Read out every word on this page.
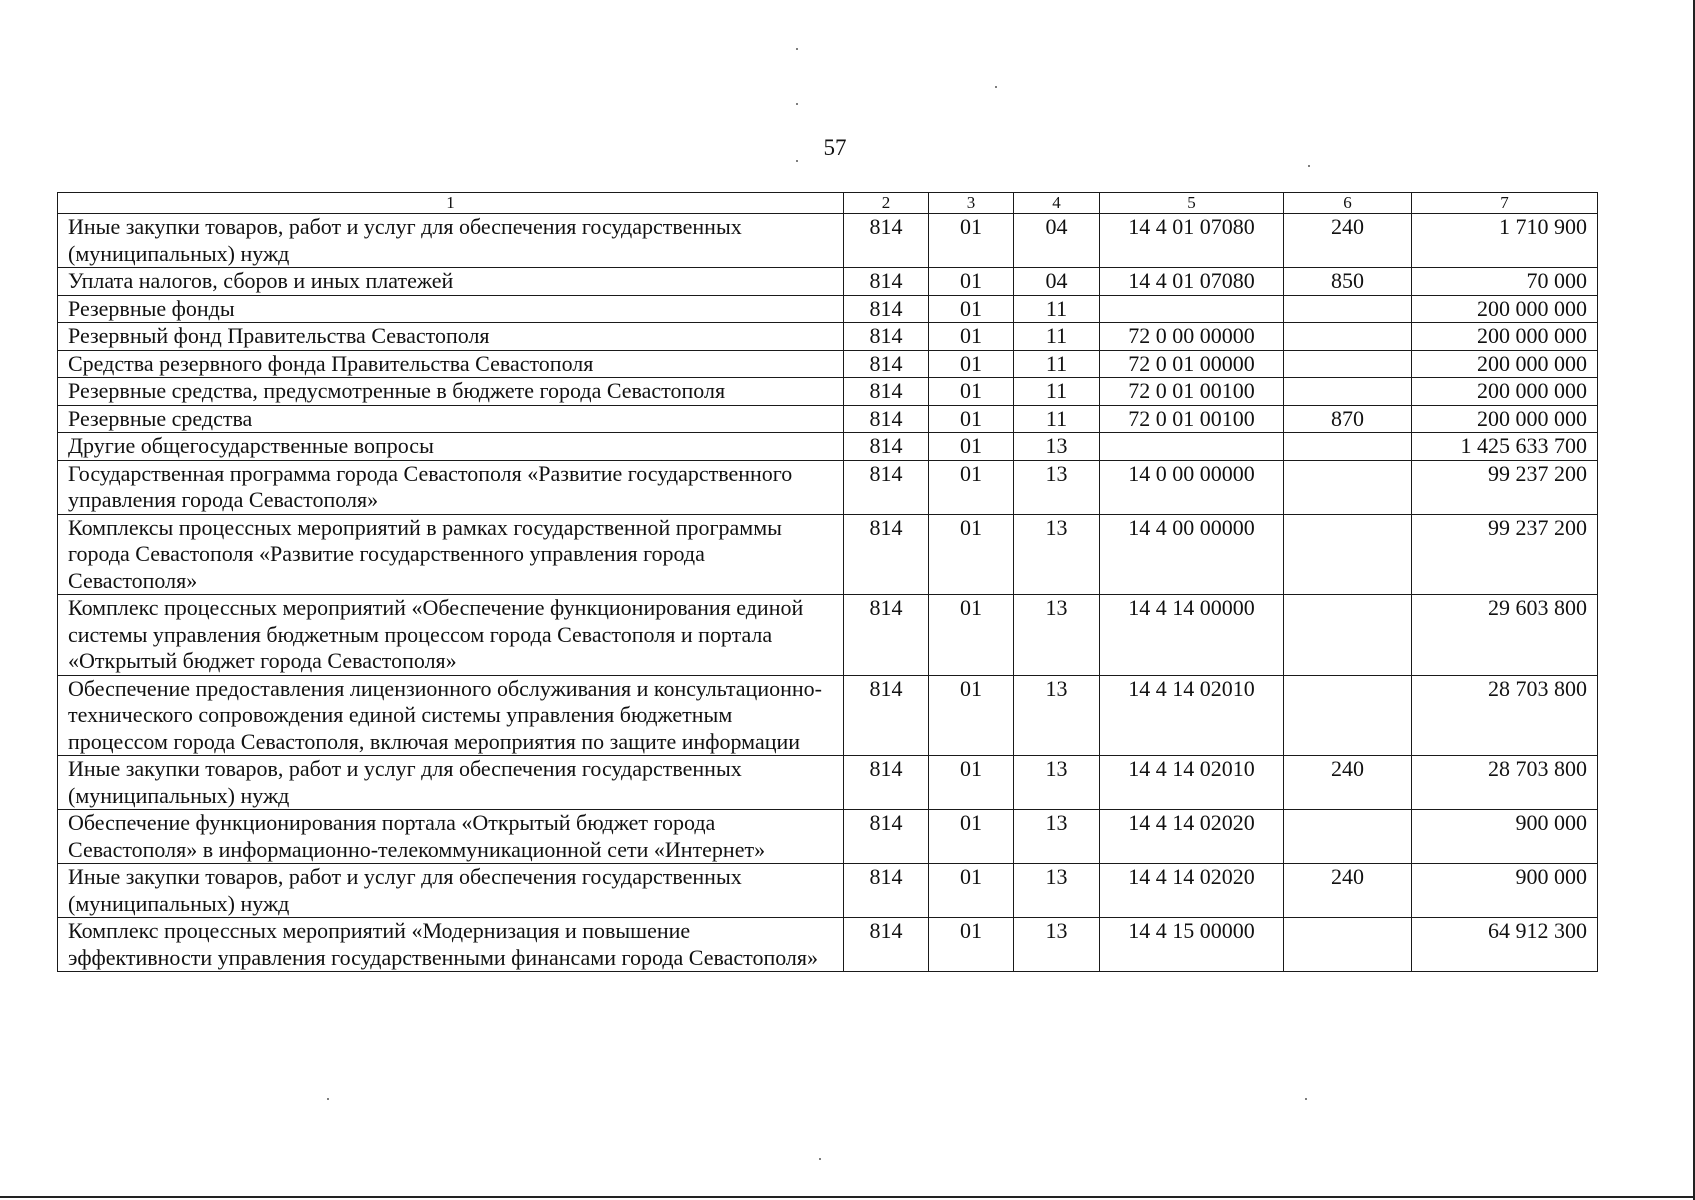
57
1	2	3	4	5	6	7
Иные закупки товаров, работ и услуг для обеспечения государственных (муниципальных) нужд	814	01	04	14 4 01 07080	240	1 710 900
Уплата налогов, сборов и иных платежей	814	01	04	14 4 01 07080	850	70 000
Резервные фонды	814	01	11			200 000 000
Резервный фонд Правительства Севастополя	814	01	11	72 0 00 00000		200 000 000
Средства резервного фонда Правительства Севастополя	814	01	11	72 0 01 00000		200 000 000
Резервные средства, предусмотренные в бюджете города Севастополя	814	01	11	72 0 01 00100		200 000 000
Резервные средства	814	01	11	72 0 01 00100	870	200 000 000
Другие общегосударственные вопросы	814	01	13			1 425 633 700
Государственная программа города Севастополя «Развитие государственного управления города Севастополя»	814	01	13	14 0 00 00000		99 237 200
Комплексы процессных мероприятий в рамках государственной программы города Севастополя «Развитие государственного управления города Севастополя»	814	01	13	14 4 00 00000		99 237 200
Комплекс процессных мероприятий «Обеспечение функционирования единой системы управления бюджетным процессом города Севастополя и портала «Открытый бюджет города Севастополя»	814	01	13	14 4 14 00000		29 603 800
Обеспечение предоставления лицензионного обслуживания и консультационно-технического сопровождения единой системы управления бюджетным процессом города Севастополя, включая мероприятия по защите информации	814	01	13	14 4 14 02010		28 703 800
Иные закупки товаров, работ и услуг для обеспечения государственных (муниципальных) нужд	814	01	13	14 4 14 02010	240	28 703 800
Обеспечение функционирования портала «Открытый бюджет города Севастополя» в информационно-телекоммуникационной сети «Интернет»	814	01	13	14 4 14 02020		900 000
Иные закупки товаров, работ и услуг для обеспечения государственных (муниципальных) нужд	814	01	13	14 4 14 02020	240	900 000
Комплекс процессных мероприятий «Модернизация и повышение эффективности управления государственными финансами города Севастополя»	814	01	13	14 4 15 00000		64 912 300
